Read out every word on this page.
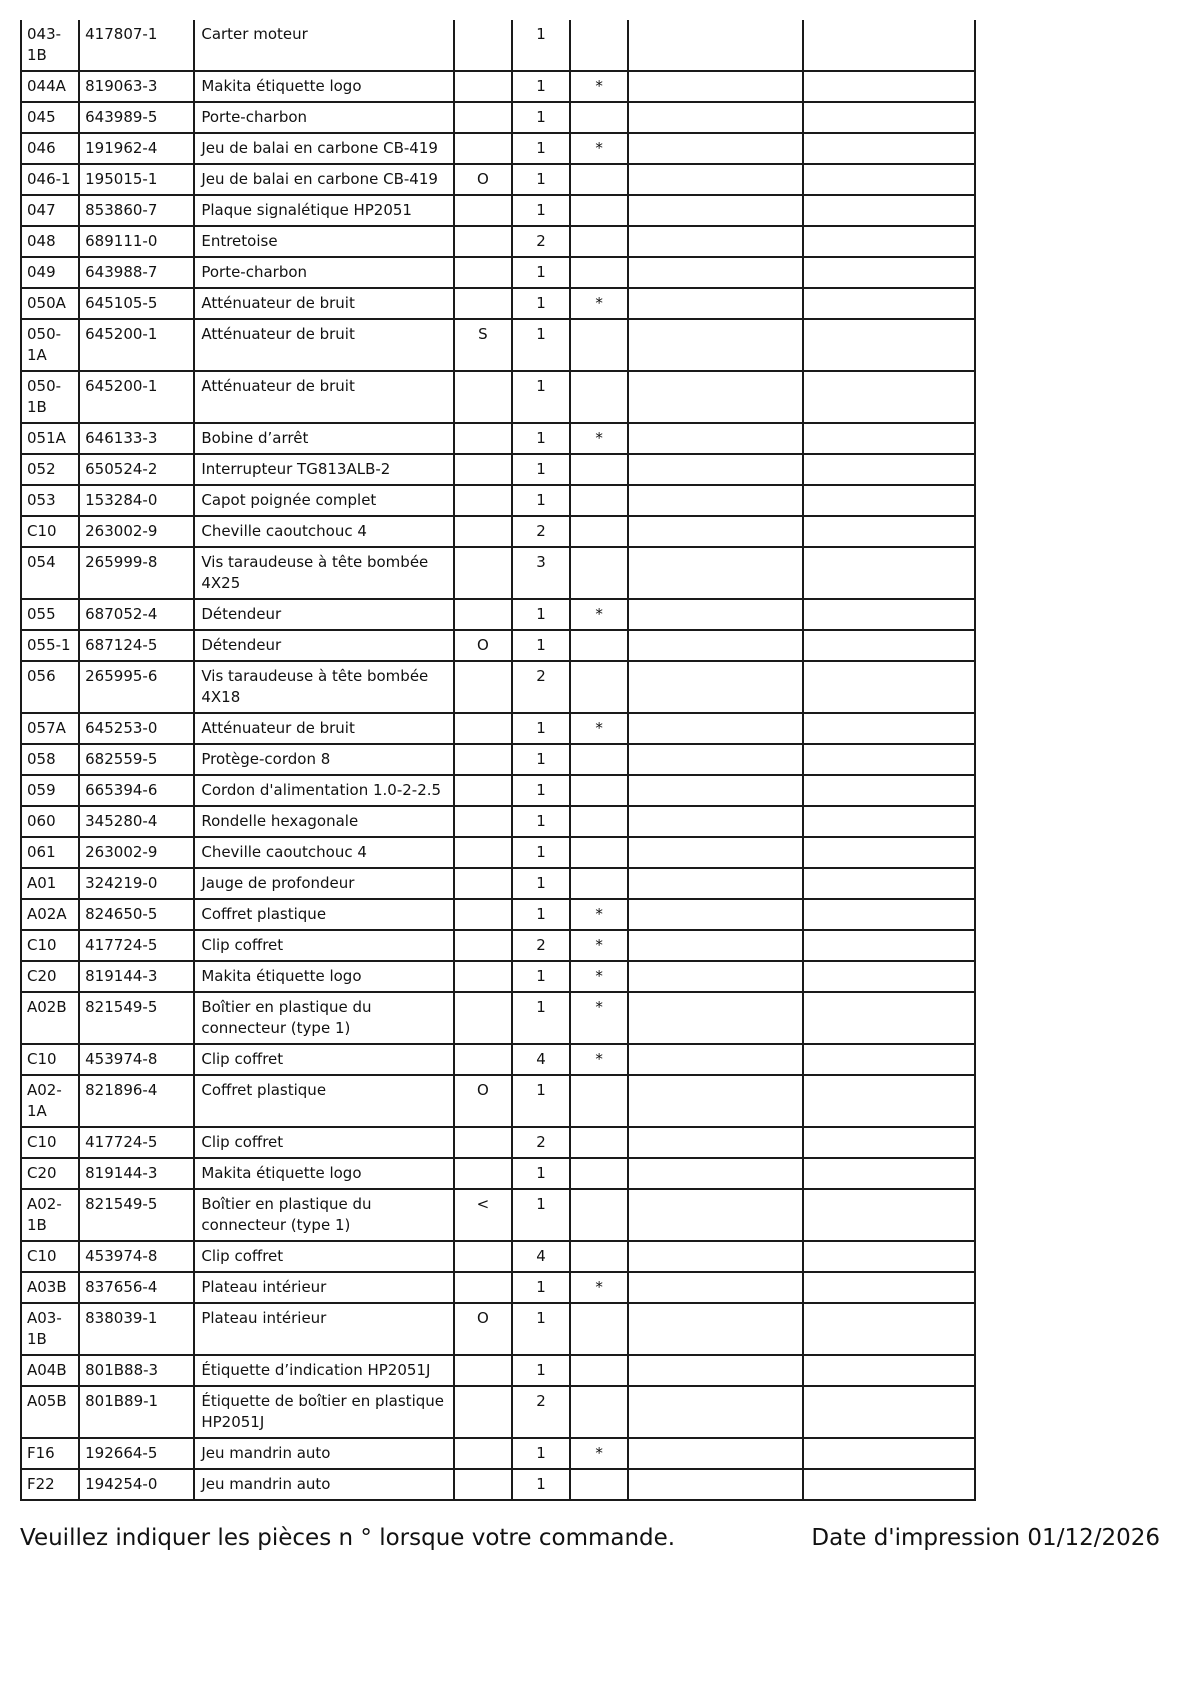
043-1B	417807-1	Carter moteur		1			
044A	819063-3	Makita étiquette logo		1	*		
045	643989-5	Porte-charbon		1			
046	191962-4	Jeu de balai en carbone CB-419		1	*		
046-1	195015-1	Jeu de balai en carbone CB-419	O	1			
047	853860-7	Plaque signalétique HP2051		1			
048	689111-0	Entretoise		2			
049	643988-7	Porte-charbon		1			
050A	645105-5	Atténuateur de bruit		1	*		
050-1A	645200-1	Atténuateur de bruit	S	1			
050-1B	645200-1	Atténuateur de bruit		1			
051A	646133-3	Bobine d’arrêt		1	*		
052	650524-2	Interrupteur TG813ALB-2		1			
053	153284-0	Capot poignée complet		1			
C10	263002-9	Cheville caoutchouc 4		2			
054	265999-8	Vis taraudeuse à tête bombée 4X25		3			
055	687052-4	Détendeur		1	*		
055-1	687124-5	Détendeur	O	1			
056	265995-6	Vis taraudeuse à tête bombée 4X18		2			
057A	645253-0	Atténuateur de bruit		1	*		
058	682559-5	Protège-cordon 8		1			
059	665394-6	Cordon d'alimentation 1.0-2-2.5		1			
060	345280-4	Rondelle hexagonale		1			
061	263002-9	Cheville caoutchouc 4		1			
A01	324219-0	Jauge de profondeur		1			
A02A	824650-5	Coffret plastique		1	*		
C10	417724-5	Clip coffret		2	*		
C20	819144-3	Makita étiquette logo		1	*		
A02B	821549-5	Boîtier en plastique du connecteur (type 1)		1	*		
C10	453974-8	Clip coffret		4	*		
A02-1A	821896-4	Coffret plastique	O	1			
C10	417724-5	Clip coffret		2			
C20	819144-3	Makita étiquette logo		1			
A02-1B	821549-5	Boîtier en plastique du connecteur (type 1)	<	1			
C10	453974-8	Clip coffret		4			
A03B	837656-4	Plateau intérieur		1	*		
A03-1B	838039-1	Plateau intérieur	O	1			
A04B	801B88-3	Étiquette d’indication HP2051J		1			
A05B	801B89-1	Étiquette de boîtier en plastique HP2051J		2			
F16	192664-5	Jeu mandrin auto		1	*		
F22	194254-0	Jeu mandrin auto		1			
Veuillez indiquer les pièces n ° lorsque votre commande.	Date d'impression 01/12/2026
